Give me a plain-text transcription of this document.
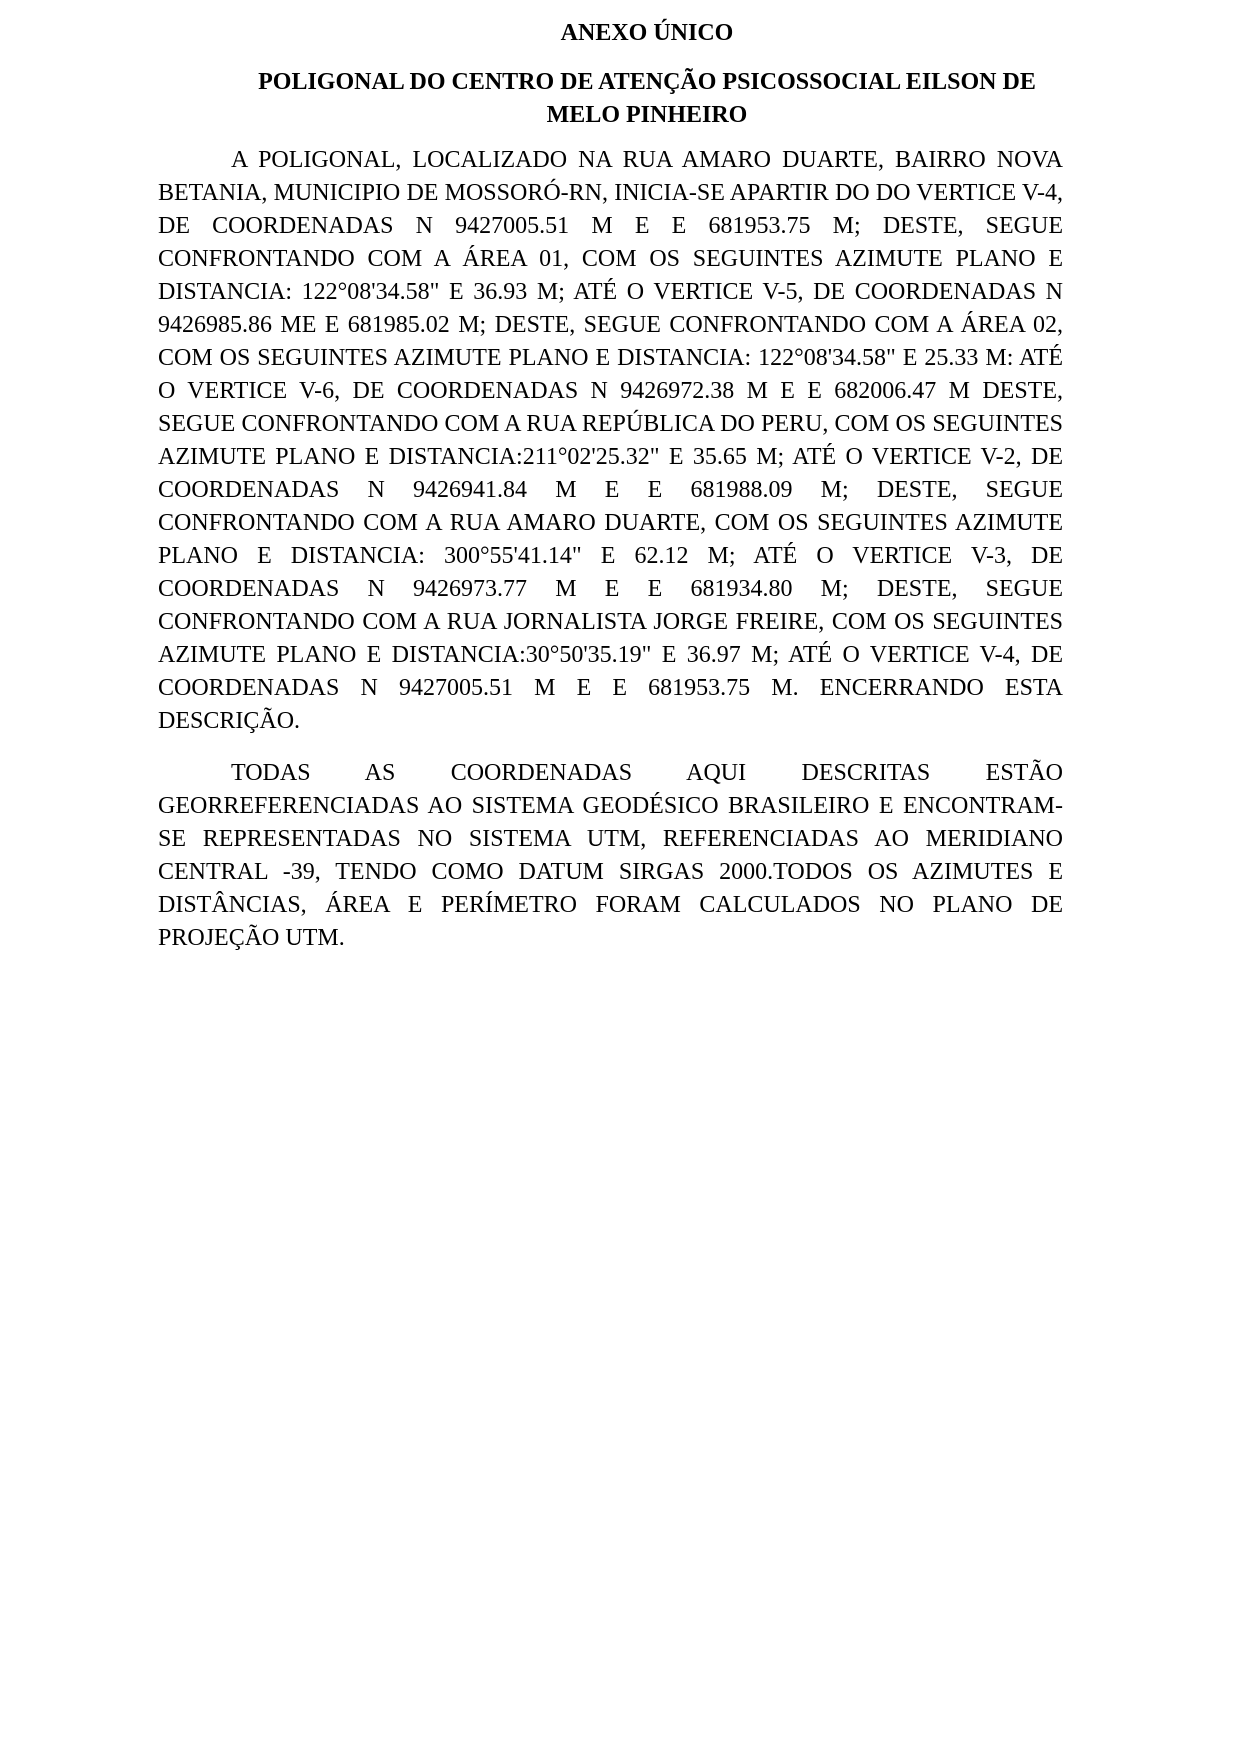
ANEXO ÚNICO
POLIGONAL DO CENTRO DE ATENÇÃO PSICOSSOCIAL EILSON DE MELO PINHEIRO

A POLIGONAL, LOCALIZADO NA RUA AMARO DUARTE, BAIRRO NOVA BETANIA, MUNICIPIO DE MOSSORÓ-RN, INICIA-SE APARTIR DO DO VERTICE V-4, DE COORDENADAS N 9427005.51 M E E 681953.75 M; DESTE, SEGUE CONFRONTANDO COM A ÁREA 01, COM OS SEGUINTES AZIMUTE PLANO E DISTANCIA: 122°08'34.58" E 36.93 M; ATÉ O VERTICE V-5, DE COORDENADAS N 9426985.86 ME E 681985.02 M; DESTE, SEGUE CONFRONTANDO COM A ÁREA 02, COM OS SEGUINTES AZIMUTE PLANO E DISTANCIA: 122°08'34.58" E 25.33 M: ATÉ O VERTICE V-6, DE COORDENADAS N 9426972.38 M E E 682006.47 M DESTE, SEGUE CONFRONTANDO COM A RUA REPÚBLICA DO PERU, COM OS SEGUINTES AZIMUTE PLANO E DISTANCIA:211°02'25.32" E 35.65 M; ATÉ O VERTICE V-2, DE COORDENADAS N 9426941.84 M E E 681988.09 M; DESTE, SEGUE CONFRONTANDO COM A RUA AMARO DUARTE, COM OS SEGUINTES AZIMUTE PLANO E DISTANCIA: 300°55'41.14" E 62.12 M; ATÉ O VERTICE V-3, DE COORDENADAS N 9426973.77 M E E 681934.80 M; DESTE, SEGUE CONFRONTANDO COM A RUA JORNALISTA JORGE FREIRE, COM OS SEGUINTES AZIMUTE PLANO E DISTANCIA:30°50'35.19" E 36.97 M; ATÉ O VERTICE V-4, DE COORDENADAS N 9427005.51 M E E 681953.75 M. ENCERRANDO ESTA DESCRIÇÃO.

TODAS AS COORDENADAS AQUI DESCRITAS ESTÃO GEORREFERENCIADAS AO SISTEMA GEODÉSICO BRASILEIRO E ENCONTRAM-SE REPRESENTADAS NO SISTEMA UTM, REFERENCIADAS AO MERIDIANO CENTRAL -39, TENDO COMO DATUM SIRGAS 2000.TODOS OS AZIMUTES E DISTÂNCIAS, ÁREA E PERÍMETRO FORAM CALCULADOS NO PLANO DE PROJEÇÃO UTM.
